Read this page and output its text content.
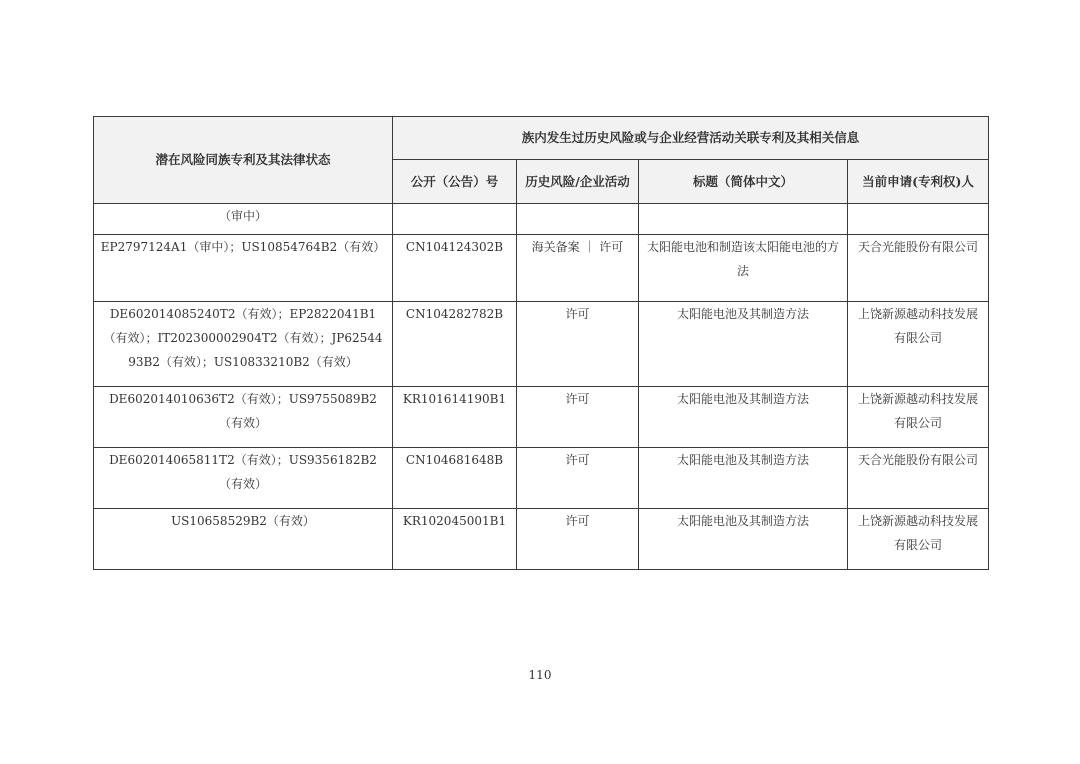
潜在风险同族专利及其法律状态	族内发生过历史风险或与企业经营活动关联专利及其相关信息			
	公开（公告）号	历史风险/企业活动	标题（简体中文）	当前申请(专利权)人
（审中）				
EP2797124A1（审中）；US10854764B2（有效）	CN104124302B	海关备案 ｜ 许可	太阳能电池和制造该太阳能电池的方法	天合光能股份有限公司
DE602014085240T2（有效）；EP2822041B1（有效）；IT202300002904T2（有效）；JP6254493B2（有效）；US10833210B2（有效）	CN104282782B	许可	太阳能电池及其制造方法	上饶新源越动科技发展有限公司
DE602014010636T2（有效）；US9755089B2（有效）	KR101614190B1	许可	太阳能电池及其制造方法	上饶新源越动科技发展有限公司
DE602014065811T2（有效）；US9356182B2（有效）	CN104681648B	许可	太阳能电池及其制造方法	天合光能股份有限公司
US10658529B2（有效）	KR102045001B1	许可	太阳能电池及其制造方法	上饶新源越动科技发展有限公司
110
